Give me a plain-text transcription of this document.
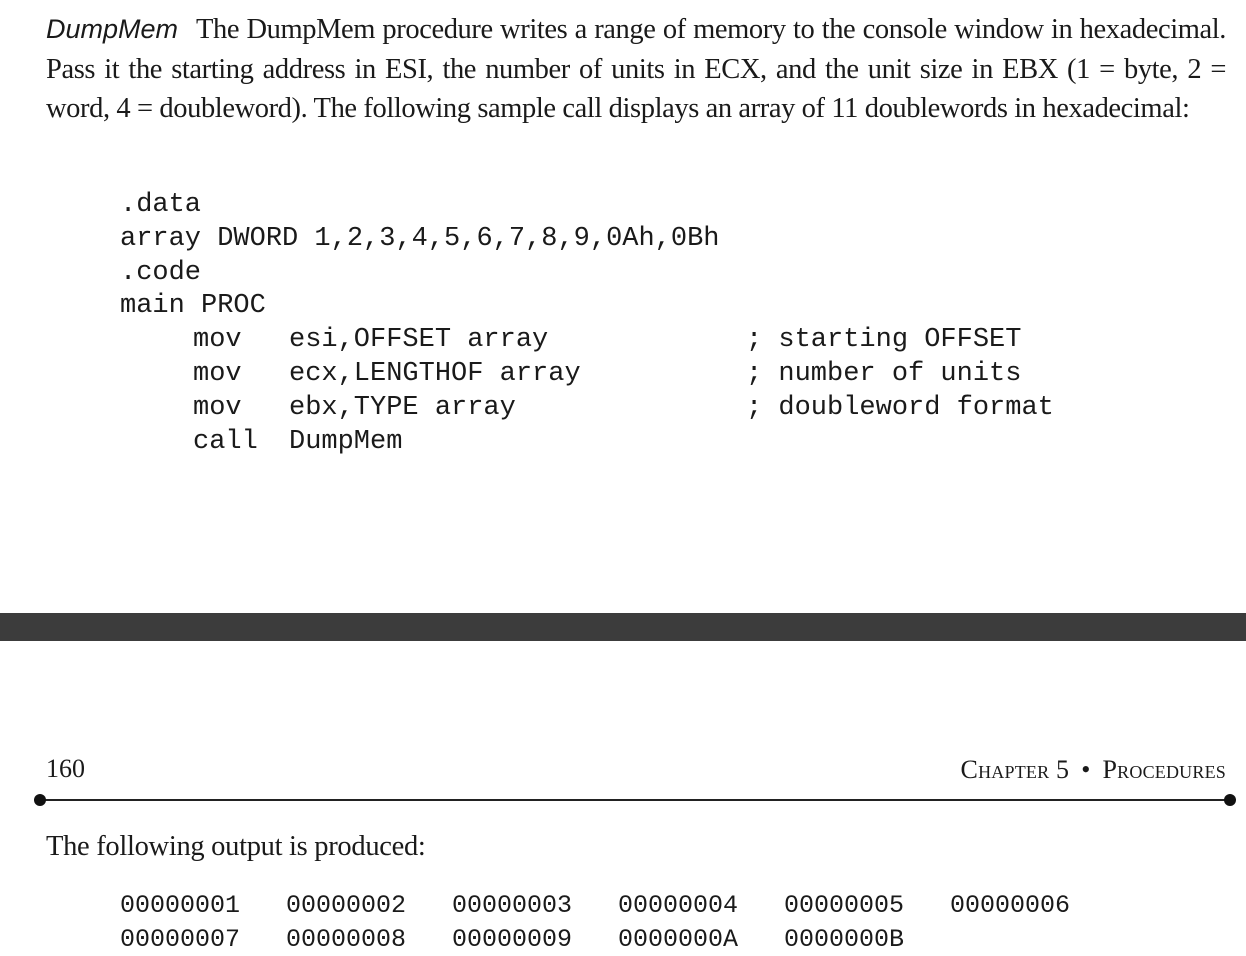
DumpMem The DumpMem procedure writes a range of memory to the console window in hexadecimal. Pass it the starting address in ESI, the number of units in ECX, and the unit size in EBX (1 = byte, 2 = word, 4 = doubleword). The following sample call displays an array of 11 doublewords in hexadecimal:
.data
array DWORD 1,2,3,4,5,6,7,8,9,0Ah,0Bh
.code
main PROC
mov esi,OFFSET array	; starting OFFSET
mov ecx,LENGTHOF array	; number of units
mov ebx,TYPE array	; doubleword format
call DumpMem
160	Chapter 5 • Procedures
The following output is produced:
00000001 00000002 00000003 00000004 00000005 00000006
00000007 00000008 00000009 0000000A 0000000B
